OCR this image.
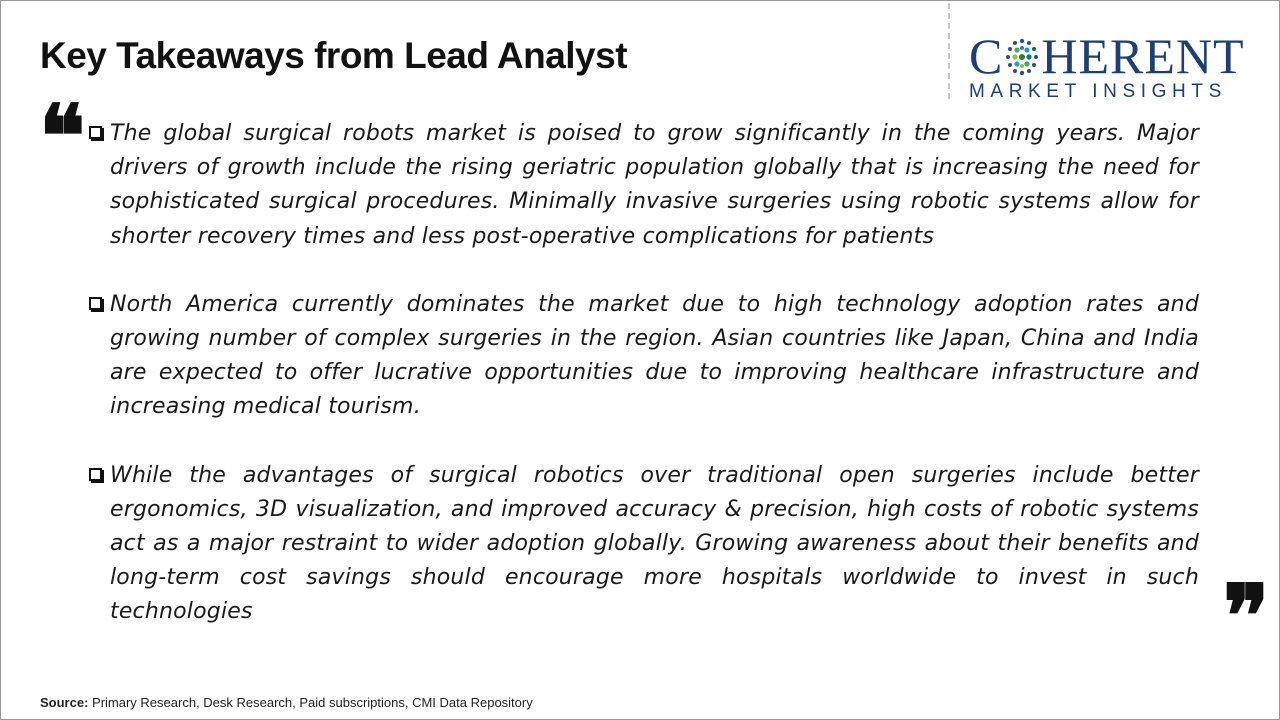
Key Takeaways from Lead Analyst	C HERENT
MARKET INSIGHTS
❝ The global surgical robots market is poised to grow significantly in the coming years. Major drivers of growth include the rising geriatric population globally that is increasing the need for sophisticated surgical procedures. Minimally invasive surgeries using robotic systems allow for shorter recovery times and less post-operative complications for patients
North America currently dominates the market due to high technology adoption rates and growing number of complex surgeries in the region. Asian countries like Japan, China and India are expected to offer lucrative opportunities due to improving healthcare infrastructure and increasing medical tourism.
While the advantages of surgical robotics over traditional open surgeries include better ergonomics, 3D visualization, and improved accuracy & precision, high costs of robotic systems act as a major restraint to wider adoption globally. Growing awareness about their benefits and long-term cost savings should encourage more hospitals worldwide to invest in such technologies	❞
Source: Primary Research, Desk Research, Paid subscriptions, CMI Data Repository
